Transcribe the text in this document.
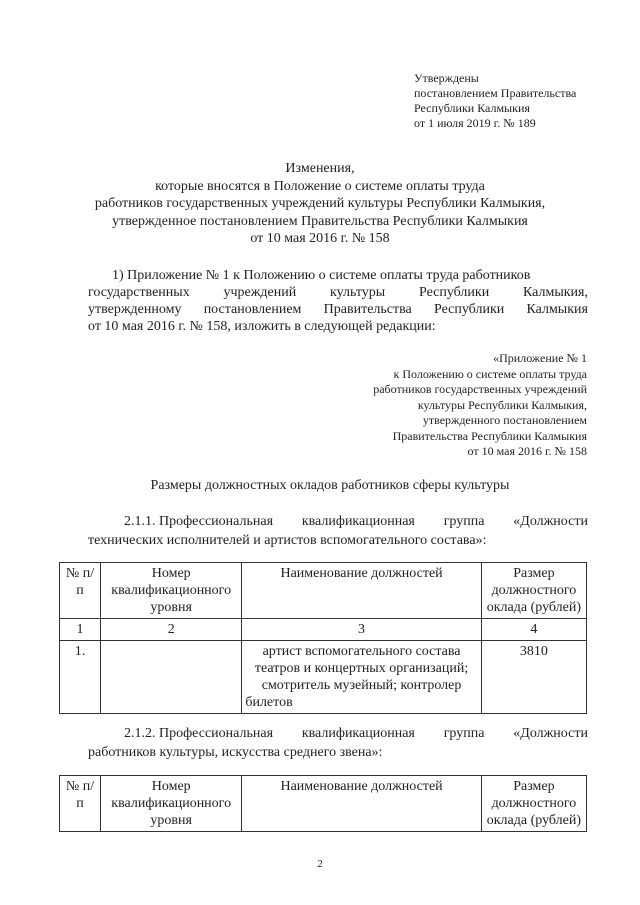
Утверждены
постановлением Правительства
Республики Калмыкия
от 1 июля 2019 г. № 189
Изменения,
которые вносятся в Положение о системе оплаты труда
работников государственных учреждений культуры Республики Калмыкия,
утвержденное постановлением Правительства Республики Калмыкия
от 10 мая 2016 г. № 158
1) Приложение № 1 к Положению о системе оплаты труда работников
государственных учреждений культуры Республики Калмыкия,
утвержденному постановлением Правительства Республики Калмыкия
от 10 мая 2016 г. № 158, изложить в следующей редакции:
«Приложение № 1
к Положению о системе оплаты труда
работников государственных учреждений
культуры Республики Калмыкия,
утвержденного постановлением
Правительства Республики Калмыкия
от 10 мая 2016 г. № 158
Размеры должностных окладов работников сферы культуры
2.1.1. Профессиональная квалификационная группа «Должности
технических исполнителей и артистов вспомогательного состава»:
№ п/п	Номер квалификационного уровня	Наименование должностей	Размер должностного оклада (рублей)
1	2	3	4
1.		артист вспомогательного состава театров и концертных организаций; смотритель музейный; контролер билетов	3810
2.1.2. Профессиональная квалификационная группа «Должности
работников культуры, искусства среднего звена»:
№ п/п	Номер квалификационного уровня	Наименование должностей	Размер должностного оклада (рублей)
2
